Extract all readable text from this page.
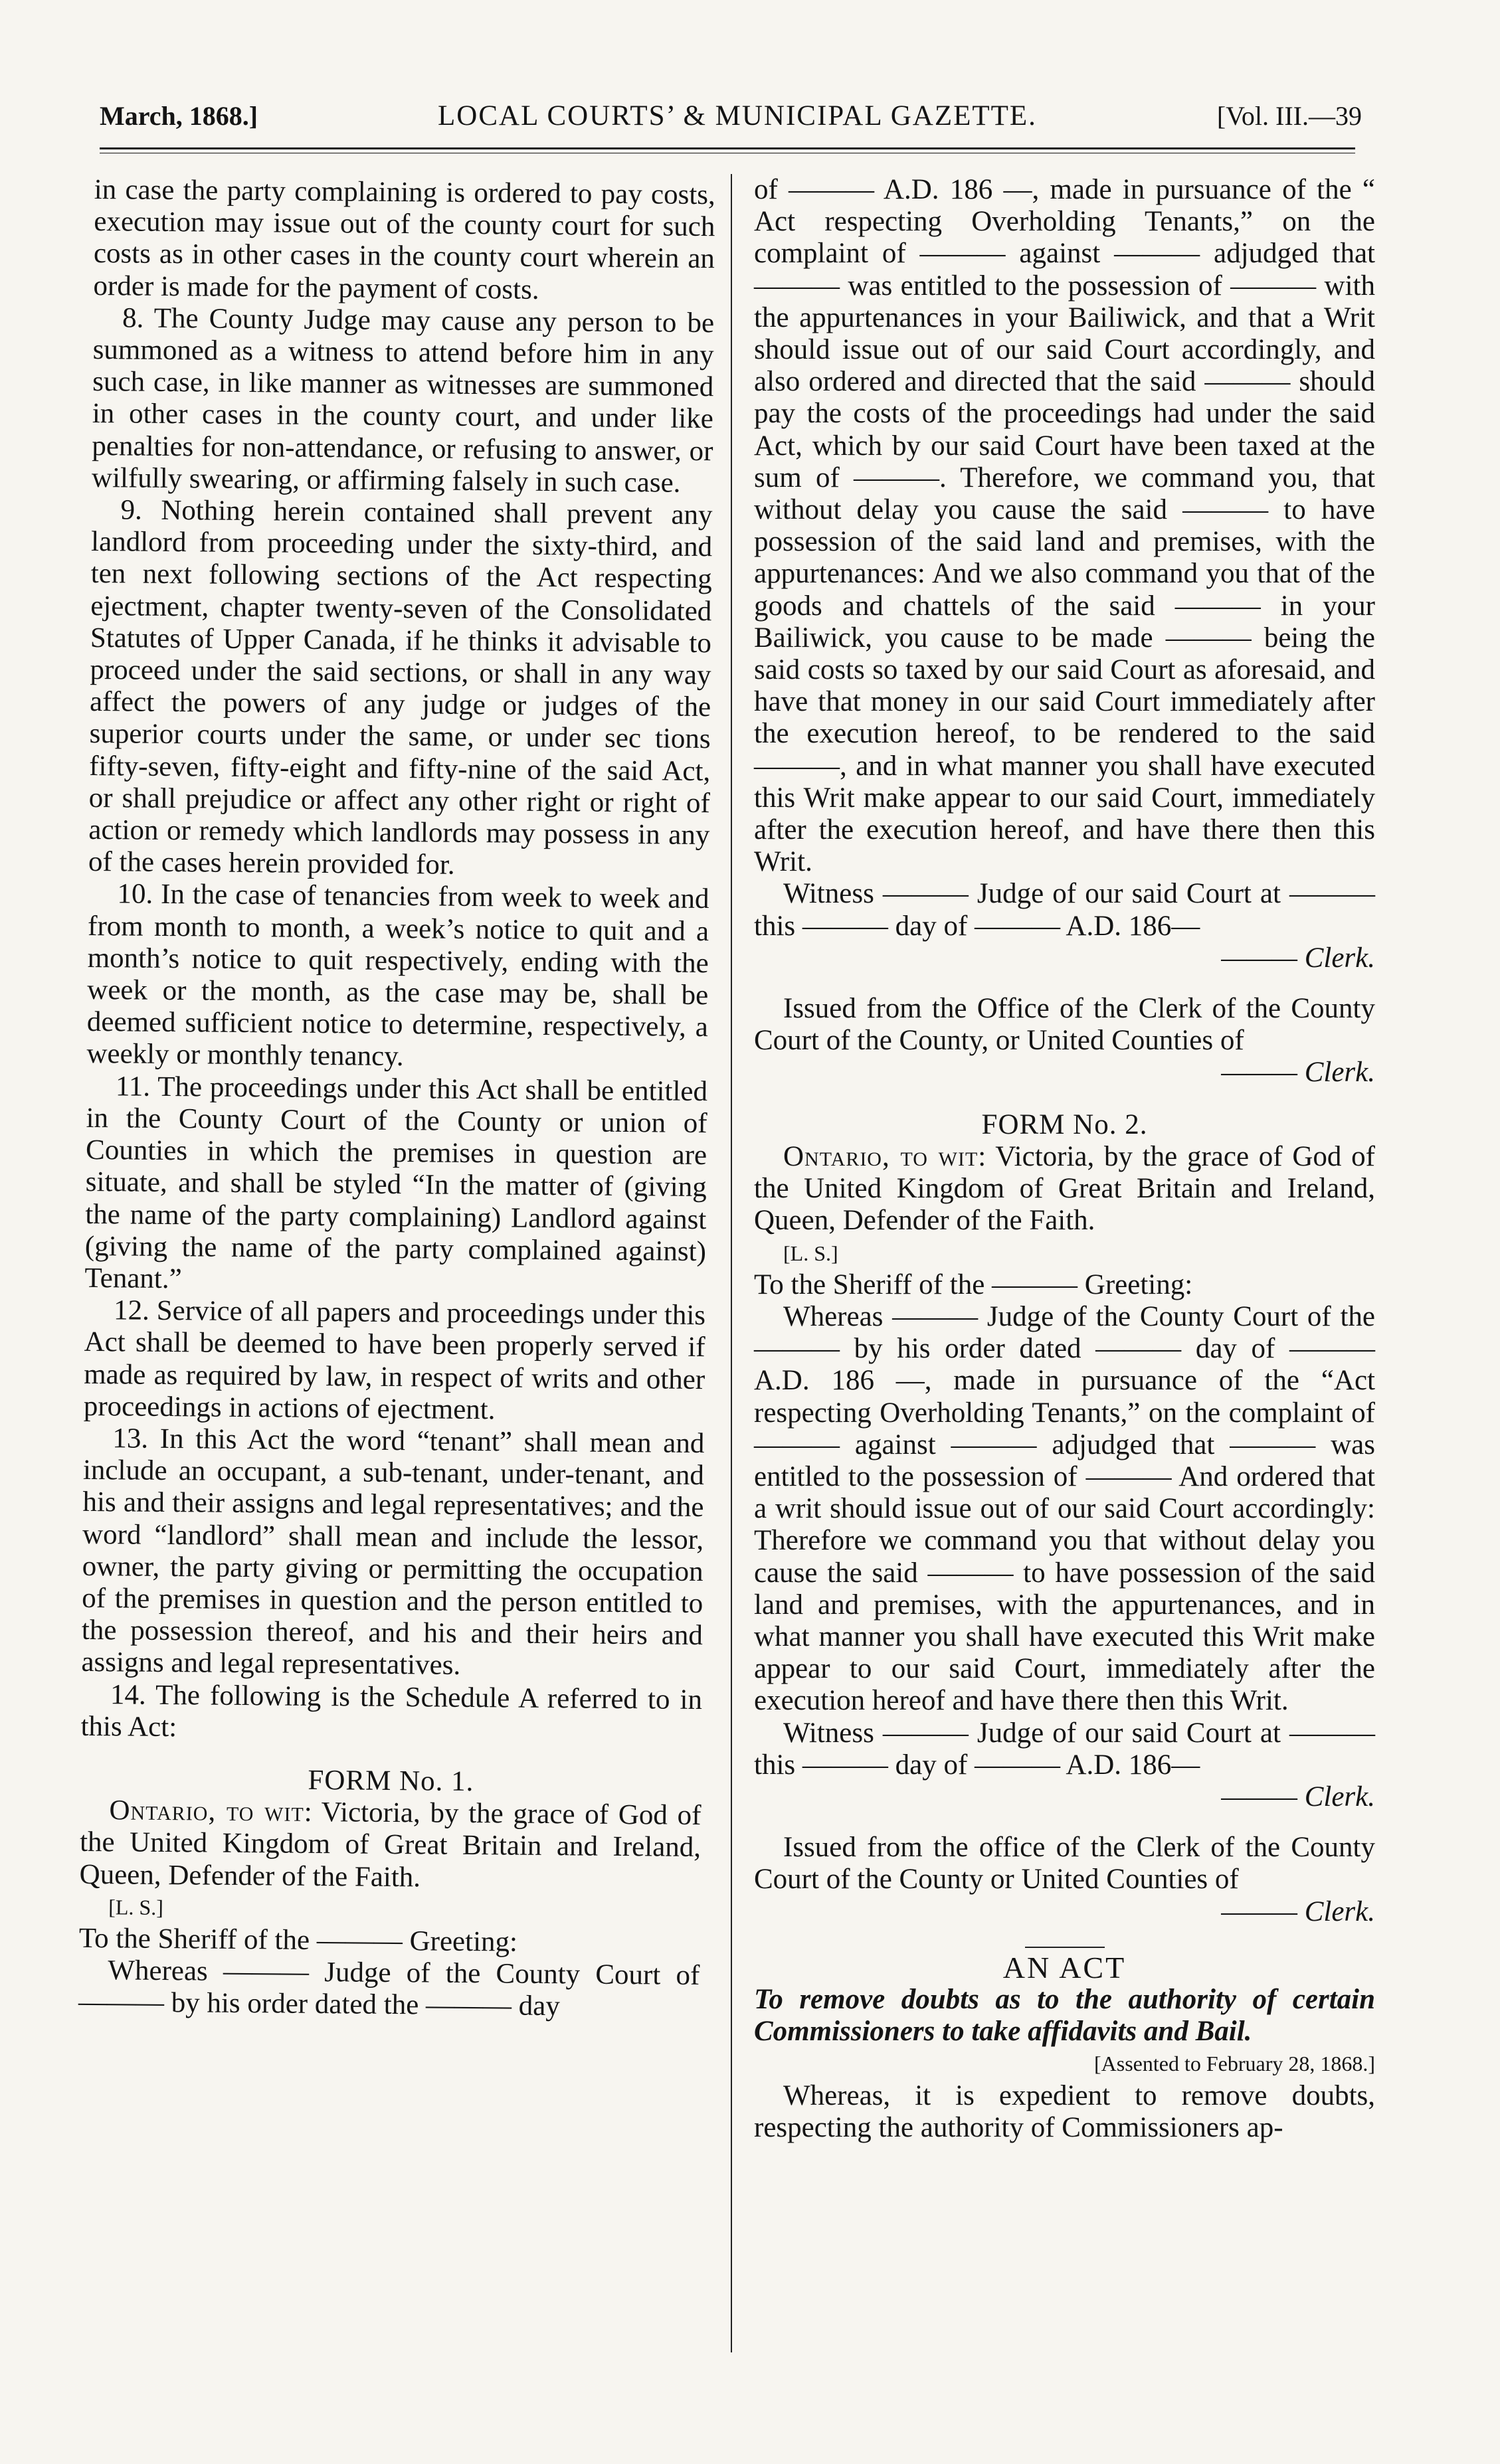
March, 1868.]	LOCAL COURTS’ & MUNICIPAL GAZETTE.	[Vol. III.—39

in case the party complaining is ordered to pay costs, execution may issue out of the county court for such costs as in other cases in the county court wherein an order is made for the payment of costs.

8. The County Judge may cause any person to be summoned as a witness to attend before him in any such case, in like manner as witnesses are summoned in other cases in the county court, and under like penalties for non-attendance, or refusing to answer, or wilfully swearing, or affirming falsely in such case.

9. Nothing herein contained shall prevent any landlord from proceeding under the sixty-third, and ten next following sections of the Act respecting ejectment, chapter twenty-seven of the Consolidated Statutes of Upper Canada, if he thinks it advisable to proceed under the said sections, or shall in any way affect the powers of any judge or judges of the superior courts under the same, or under sec tions fifty-seven, fifty-eight and fifty-nine of the said Act, or shall prejudice or affect any other right or right of action or remedy which landlords may possess in any of the cases herein provided for.

10. In the case of tenancies from week to week and from month to month, a week’s notice to quit and a month’s notice to quit respectively, ending with the week or the month, as the case may be, shall be deemed sufficient notice to determine, respectively, a weekly or monthly tenancy.

11. The proceedings under this Act shall be entitled in the County Court of the County or union of Counties in which the premises in question are situate, and shall be styled “In the matter of (giving the name of the party complaining) Landlord against (giving the name of the party complained against) Tenant.”

12. Service of all papers and proceedings under this Act shall be deemed to have been properly served if made as required by law, in respect of writs and other proceedings in actions of ejectment.

13. In this Act the word “tenant” shall mean and include an occupant, a sub-tenant, under-tenant, and his and their assigns and legal representatives; and the word “landlord” shall mean and include the lessor, owner, the party giving or permitting the occupation of the premises in question and the person entitled to the possession thereof, and his and their heirs and assigns and legal representatives.

14. The following is the Schedule A referred to in this Act:

FORM No. 1.

Ontario, to wit: Victoria, by the grace of God of the United Kingdom of Great Britain and Ireland, Queen, Defender of the Faith.

[L. S.]

To the Sheriff of the ——— Greeting:

Whereas ——— Judge of the County Court of ——— by his order dated the ——— day

of ——— A.D. 186 —, made in pursuance of the “ Act respecting Overholding Tenants,” on the complaint of ——— against ——— adjudged that ——— was entitled to the possession of ——— with the appurtenances in your Bailiwick, and that a Writ should issue out of our said Court accordingly, and also ordered and directed that the said ——— should pay the costs of the proceedings had under the said Act, which by our said Court have been taxed at the sum of ———. Therefore, we command you, that without delay you cause the said ——— to have possession of the said land and premises, with the appurtenances: And we also command you that of the goods and chattels of the said ——— in your Bailiwick, you cause to be made ——— being the said costs so taxed by our said Court as aforesaid, and have that money in our said Court immediately after the execution hereof, to be rendered to the said ———, and in what manner you shall have executed this Writ make appear to our said Court, immediately after the execution hereof, and have there then this Writ.

Witness ——— Judge of our said Court at ——— this ——— day of ——— A.D. 186—

——— Clerk.

Issued from the Office of the Clerk of the County Court of the County, or United Counties of

——— Clerk.

FORM No. 2.

Ontario, to wit: Victoria, by the grace of God of the United Kingdom of Great Britain and Ireland, Queen, Defender of the Faith.

[L. S.]

To the Sheriff of the ——— Greeting:

Whereas ——— Judge of the County Court of the ——— by his order dated ——— day of ——— A.D. 186 —, made in pursuance of the “Act respecting Overholding Tenants,” on the complaint of ——— against ——— adjudged that ——— was entitled to the possession of ——— And ordered that a writ should issue out of our said Court accordingly: Therefore we command you that without delay you cause the said ——— to have possession of the said land and premises, with the appurtenances, and in what manner you shall have executed this Writ make appear to our said Court, immediately after the execution hereof and have there then this Writ.

Witness ——— Judge of our said Court at ——— this ——— day of ——— A.D. 186—

——— Clerk.

Issued from the office of the Clerk of the County Court of the County or United Counties of

——— Clerk.

AN ACT

To remove doubts as to the authority of certain Commissioners to take affidavits and Bail.

[Assented to February 28, 1868.]

Whereas, it is expedient to remove doubts, respecting the authority of Commissioners ap-
